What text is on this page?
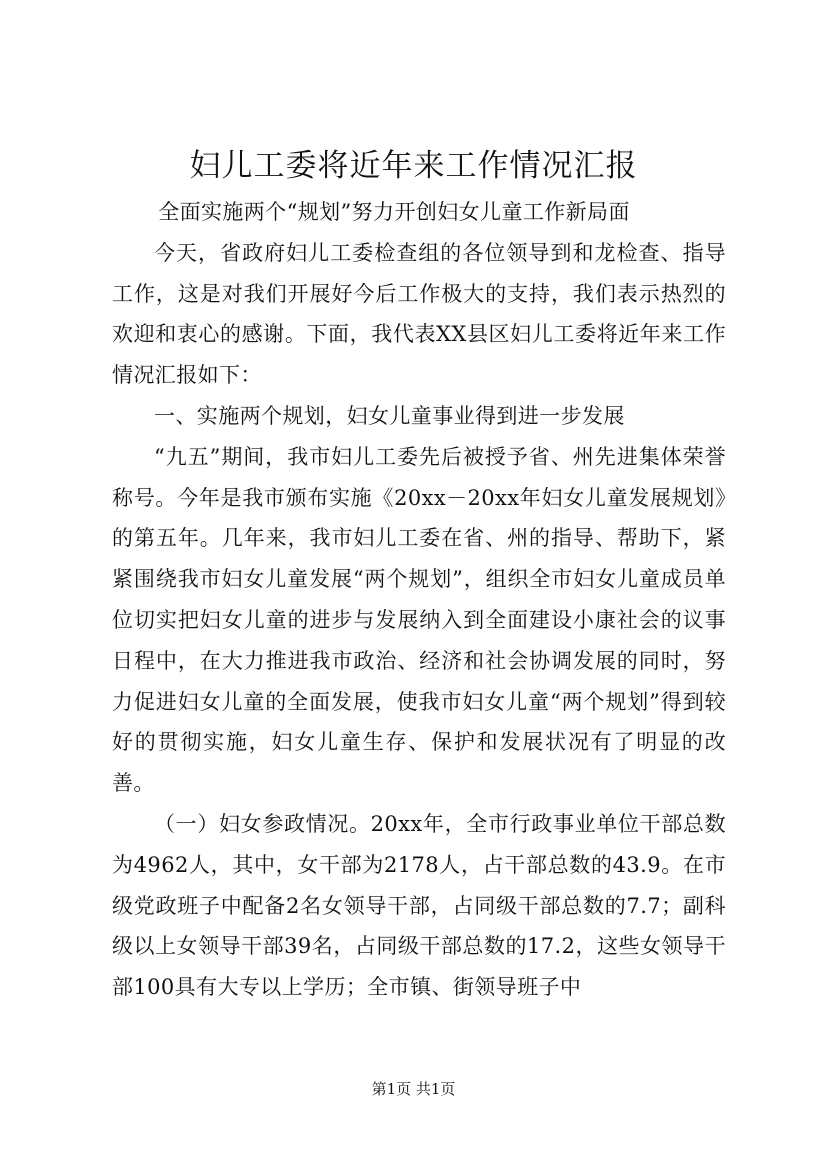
妇儿工委将近年来工作情况汇报

全面实施两个“规划”努力开创妇女儿童工作新局面

今天，省政府妇儿工委检查组的各位领导到和龙检查、指导工作，这是对我们开展好今后工作极大的支持，我们表示热烈的欢迎和衷心的感谢。下面，我代表XX县区妇儿工委将近年来工作情况汇报如下：

一、实施两个规划，妇女儿童事业得到进一步发展

“九五”期间，我市妇儿工委先后被授予省、州先进集体荣誉称号。今年是我市颁布实施《20xx－20xx年妇女儿童发展规划》的第五年。几年来，我市妇儿工委在省、州的指导、帮助下，紧紧围绕我市妇女儿童发展“两个规划”，组织全市妇女儿童成员单位切实把妇女儿童的进步与发展纳入到全面建设小康社会的议事日程中，在大力推进我市政治、经济和社会协调发展的同时，努力促进妇女儿童的全面发展，使我市妇女儿童“两个规划”得到较好的贯彻实施，妇女儿童生存、保护和发展状况有了明显的改善。

（一）妇女参政情况。20xx年，全市行政事业单位干部总数为4962人，其中，女干部为2178人，占干部总数的43.9。在市级党政班子中配备2名女领导干部，占同级干部总数的7.7；副科级以上女领导干部39名，占同级干部总数的17.2，这些女领导干部100具有大专以上学历；全市镇、街领导班子中

第1页 共1页
